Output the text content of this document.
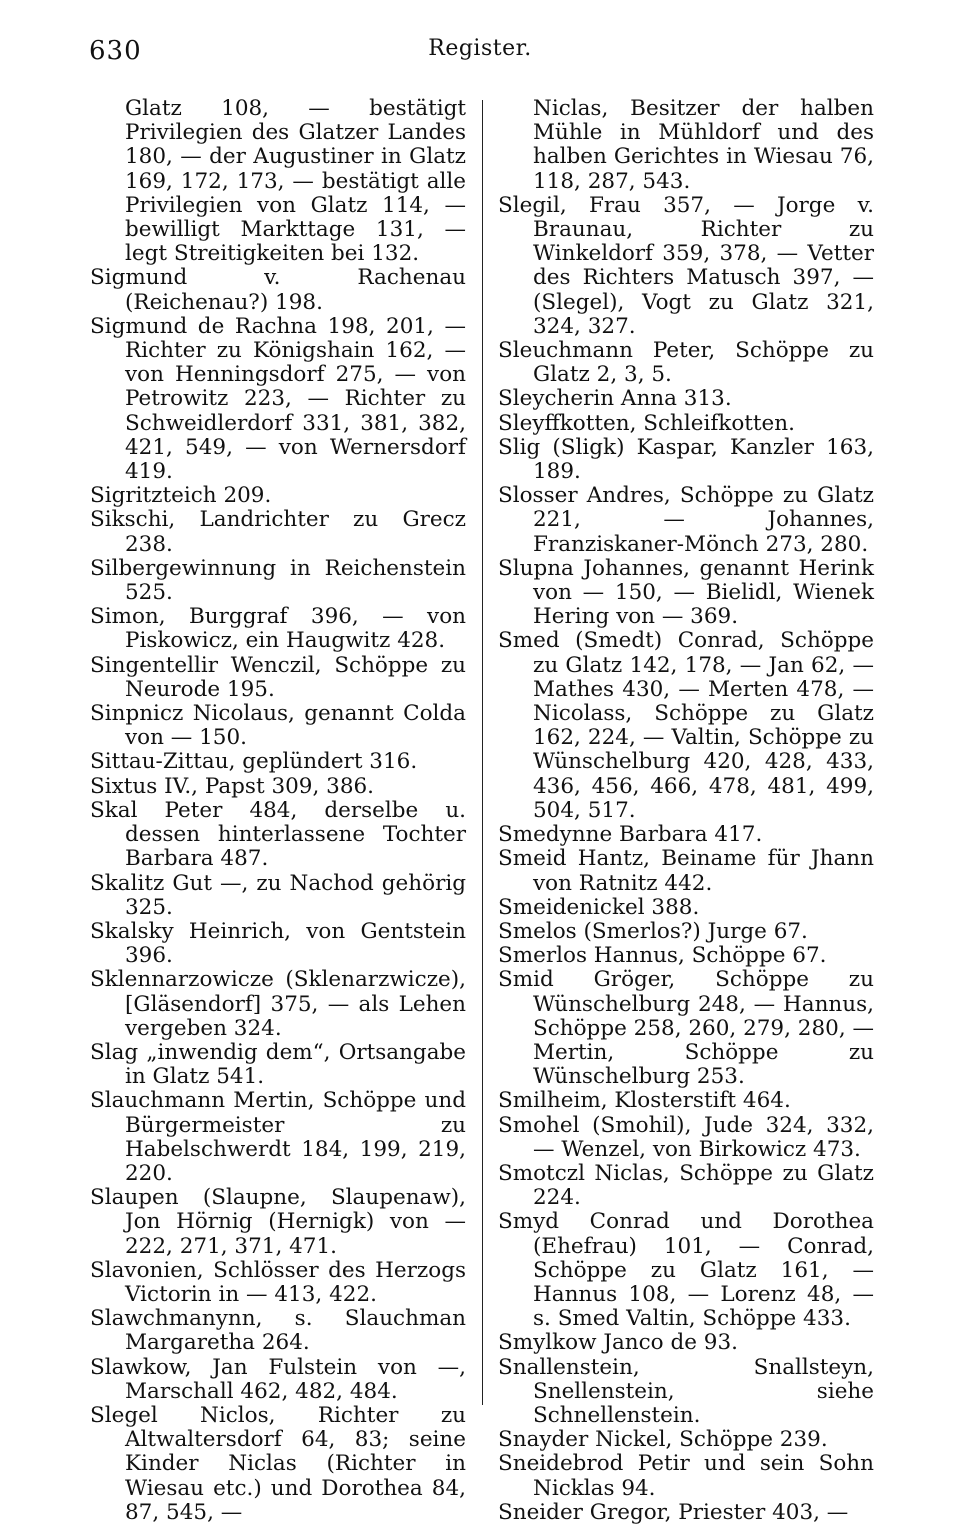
630	Register.

Glatz 108, — bestätigt Privilegien des Glatzer Landes 180, — der Augustiner in Glatz 169, 172, 173, — bestätigt alle Privilegien von Glatz 114, — bewilligt Markttage 131, — legt Streitigkeiten bei 132.

Sigmund v. Rachenau (Reichenau?) 198.

Sigmund de Rachna 198, 201, — Richter zu Königshain 162, — von Henningsdorf 275, — von Petrowitz 223, — Richter zu Schweidlerdorf 331, 381, 382, 421, 549, — von Wernersdorf 419.

Sigritzteich 209.

Sikschi, Landrichter zu Grecz 238.

Silbergewinnung in Reichenstein 525.

Simon, Burggraf 396, — von Piskowicz, ein Haugwitz 428.

Singentellir Wenczil, Schöppe zu Neurode 195.

Sinpnicz Nicolaus, genannt Colda von — 150.

Sittau-Zittau, geplündert 316.

Sixtus IV., Papst 309, 386.

Skal Peter 484, derselbe u. dessen hinterlassene Tochter Barbara 487.

Skalitz Gut —, zu Nachod gehörig 325.

Skalsky Heinrich, von Gentstein 396.

Sklennarzowicze (Sklenarzwicze), [Gläsendorf] 375, — als Lehen vergeben 324.

Slag „inwendig dem“, Ortsangabe in Glatz 541.

Slauchmann Mertin, Schöppe und Bürgermeister zu Habelschwerdt 184, 199, 219, 220.

Slaupen (Slaupne, Slaupenaw), Jon Hörnig (Hernigk) von — 222, 271, 371, 471.

Slavonien, Schlösser des Herzogs Victorin in — 413, 422.

Slawchmanynn, s. Slauchman Margaretha 264.

Slawkow, Jan Fulstein von —, Marschall 462, 482, 484.

Slegel Niclos, Richter zu Altwaltersdorf 64, 83; seine Kinder Niclas (Richter in Wiesau etc.) und Dorothea 84, 87, 545, —

Niclas, Besitzer der halben Mühle in Mühldorf und des halben Gerichtes in Wiesau 76, 118, 287, 543.

Slegil, Frau 357, — Jorge v. Braunau, Richter zu Winkeldorf 359, 378, — Vetter des Richters Matusch 397, — (Slegel), Vogt zu Glatz 321, 324, 327.

Sleuchmann Peter, Schöppe zu Glatz 2, 3, 5.

Sleycherin Anna 313.

Sleyffkotten, Schleifkotten.

Slig (Sligk) Kaspar, Kanzler 163, 189.

Slosser Andres, Schöppe zu Glatz 221, — Johannes, Franziskaner-Mönch 273, 280.

Slupna Johannes, genannt Herink von — 150, — Bielidl, Wienek Hering von — 369.

Smed (Smedt) Conrad, Schöppe zu Glatz 142, 178, — Jan 62, — Mathes 430, — Merten 478, — Nicolass, Schöppe zu Glatz 162, 224, — Valtin, Schöppe zu Wünschelburg 420, 428, 433, 436, 456, 466, 478, 481, 499, 504, 517.

Smedynne Barbara 417.

Smeid Hantz, Beiname für Jhann von Ratnitz 442.

Smeidenickel 388.

Smelos (Smerlos?) Jurge 67.

Smerlos Hannus, Schöppe 67.

Smid Gröger, Schöppe zu Wünschelburg 248, — Hannus, Schöppe 258, 260, 279, 280, — Mertin, Schöppe zu Wünschelburg 253.

Smilheim, Klosterstift 464.

Smohel (Smohil), Jude 324, 332, — Wenzel, von Birkowicz 473.

Smotczl Niclas, Schöppe zu Glatz 224.

Smyd Conrad und Dorothea (Ehefrau) 101, — Conrad, Schöppe zu Glatz 161, — Hannus 108, — Lorenz 48, — s. Smed Valtin, Schöppe 433.

Smylkow Janco de 93.

Snallenstein, Snallsteyn, Snellenstein, siehe Schnellenstein.

Snayder Nickel, Schöppe 239.

Sneidebrod Petir und sein Sohn Nicklas 94.

Sneider Gregor, Priester 403, —
